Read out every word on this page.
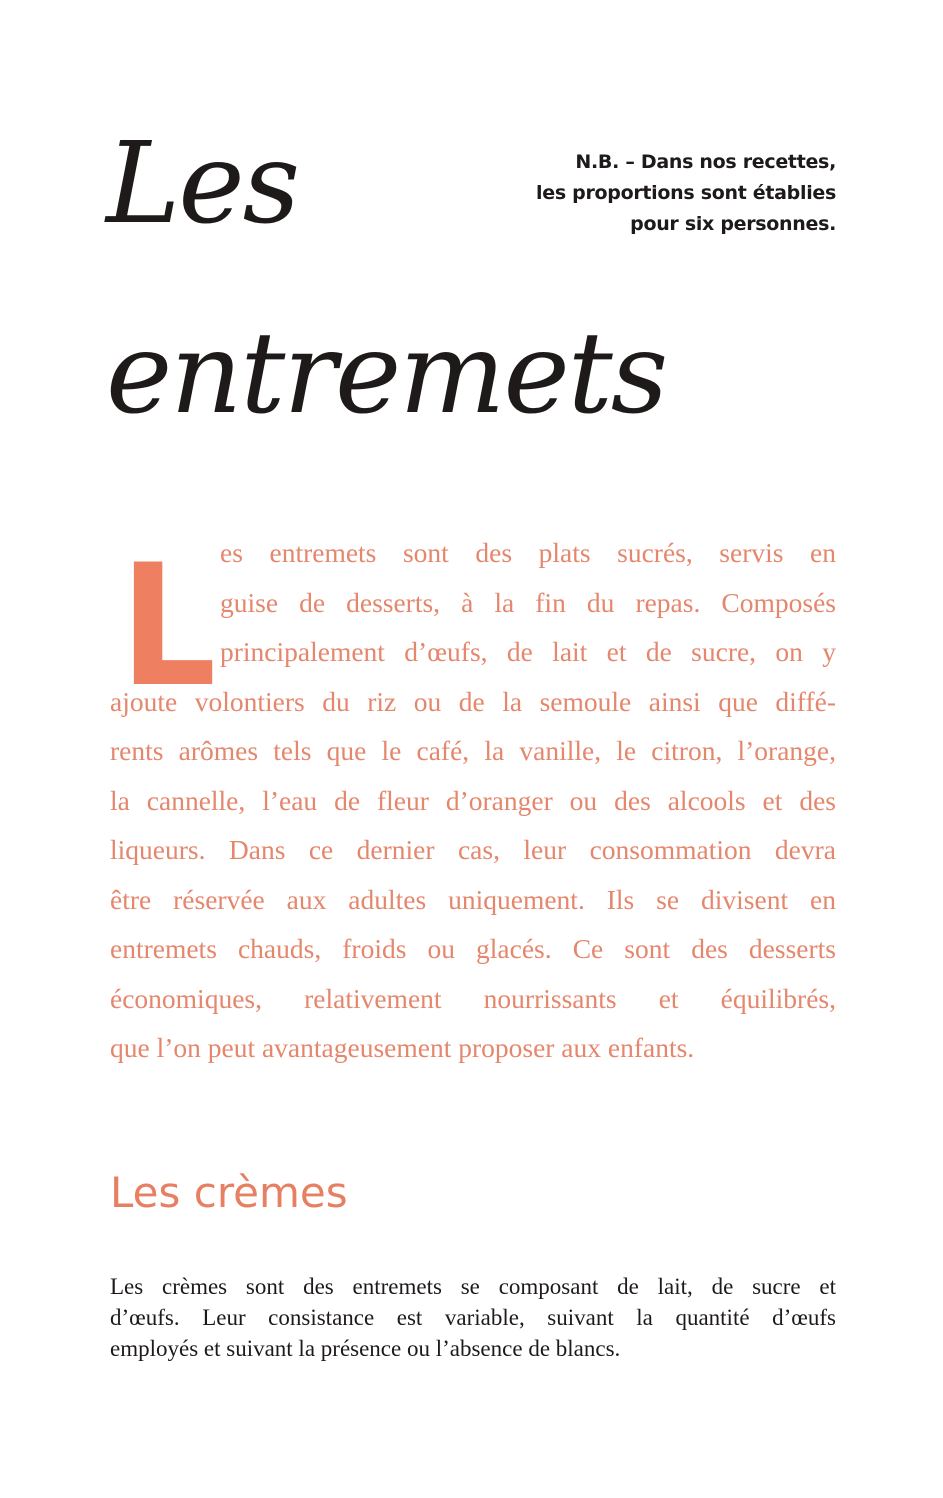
Les
entremets
N.B. – Dans nos recettes,
les proportions sont établies
pour six personnes.
L es entremets sont des plats sucrés, servis en
guise de desserts, à la fin du repas. Composés
principalement d’œufs, de lait et de sucre, on y
ajoute volontiers du riz ou de la semoule ainsi que diffé-
rents arômes tels que le café, la vanille, le citron, l’orange,
la cannelle, l’eau de fleur d’oranger ou des alcools et des
liqueurs. Dans ce dernier cas, leur consommation devra
être réservée aux adultes uniquement. Ils se divisent en
entremets chauds, froids ou glacés. Ce sont des desserts
économiques, relativement nourrissants et équilibrés,
que l’on peut avantageusement proposer aux enfants.
Les crèmes
Les crèmes sont des entremets se composant de lait, de sucre et
d’œufs. Leur consistance est variable, suivant la quantité d’œufs
employés et suivant la présence ou l’absence de blancs.
